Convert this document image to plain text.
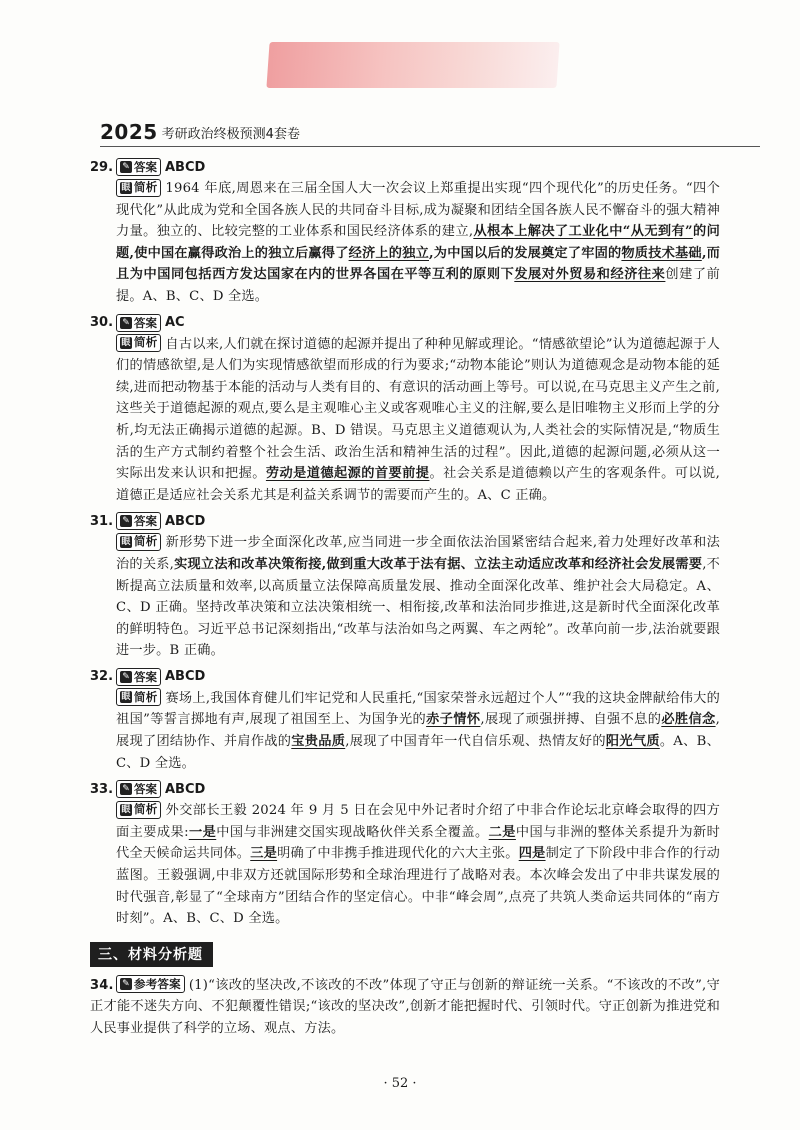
2025 考研政治终极预测4套卷
29.	✎ 答案 ABCD
眼 简析 1964 年底,周恩来在三届全国人大一次会议上郑重提出实现“四个现代化”的历史任务。“四个现代化”从此成为党和全国各族人民的共同奋斗目标,成为凝聚和团结全国各族人民不懈奋斗的强大精神力量。独立的、比较完整的工业体系和国民经济体系的建立,从根本上解决了工业化中“从无到有”的问题,使中国在赢得政治上的独立后赢得了经济上的独立,为中国以后的发展奠定了牢固的物质技术基础,而且为中国同包括西方发达国家在内的世界各国在平等互利的原则下发展对外贸易和经济往来创建了前提。A、B、C、D 全选。
30.	✎ 答案 AC
眼 简析 自古以来,人们就在探讨道德的起源并提出了种种见解或理论。“情感欲望论”认为道德起源于人们的情感欲望,是人们为实现情感欲望而形成的行为要求;“动物本能论”则认为道德观念是动物本能的延续,进而把动物基于本能的活动与人类有目的、有意识的活动画上等号。可以说,在马克思主义产生之前,这些关于道德起源的观点,要么是主观唯心主义或客观唯心主义的注解,要么是旧唯物主义形而上学的分析,均无法正确揭示道德的起源。B、D 错误。马克思主义道德观认为,人类社会的实际情况是,“物质生活的生产方式制约着整个社会生活、政治生活和精神生活的过程”。因此,道德的起源问题,必须从这一实际出发来认识和把握。劳动是道德起源的首要前提。社会关系是道德赖以产生的客观条件。可以说,道德正是适应社会关系尤其是利益关系调节的需要而产生的。A、C 正确。
31.	✎ 答案 ABCD
眼 简析 新形势下进一步全面深化改革,应当同进一步全面依法治国紧密结合起来,着力处理好改革和法治的关系,实现立法和改革决策衔接,做到重大改革于法有据、立法主动适应改革和经济社会发展需要,不断提高立法质量和效率,以高质量立法保障高质量发展、推动全面深化改革、维护社会大局稳定。A、C、D 正确。坚持改革决策和立法决策相统一、相衔接,改革和法治同步推进,这是新时代全面深化改革的鲜明特色。习近平总书记深刻指出,“改革与法治如鸟之两翼、车之两轮”。改革向前一步,法治就要跟进一步。B 正确。
32.	✎ 答案 ABCD
眼 简析 赛场上,我国体育健儿们牢记党和人民重托,“国家荣誉永远超过个人”“我的这块金牌献给伟大的祖国”等誓言掷地有声,展现了祖国至上、为国争光的赤子情怀,展现了顽强拼搏、自强不息的必胜信念,展现了团结协作、并肩作战的宝贵品质,展现了中国青年一代自信乐观、热情友好的阳光气质。A、B、C、D 全选。
33.	✎ 答案 ABCD
眼 简析 外交部长王毅 2024 年 9 月 5 日在会见中外记者时介绍了中非合作论坛北京峰会取得的四方面主要成果:一是中国与非洲建交国实现战略伙伴关系全覆盖。二是中国与非洲的整体关系提升为新时代全天候命运共同体。三是明确了中非携手推进现代化的六大主张。四是制定了下阶段中非合作的行动蓝图。王毅强调,中非双方还就国际形势和全球治理进行了战略对表。本次峰会发出了中非共谋发展的时代强音,彰显了“全球南方”团结合作的坚定信心。中非“峰会周”,点亮了共筑人类命运共同体的“南方时刻”。A、B、C、D 全选。
三、材料分析题
34. ✎ 参考答案 (1)“该改的坚决改,不该改的不改”体现了守正与创新的辩证统一关系。“不该改的不改”,守正才能不迷失方向、不犯颠覆性错误;“该改的坚决改”,创新才能把握时代、引领时代。守正创新为推进党和人民事业提供了科学的立场、观点、方法。
· 52 ·
